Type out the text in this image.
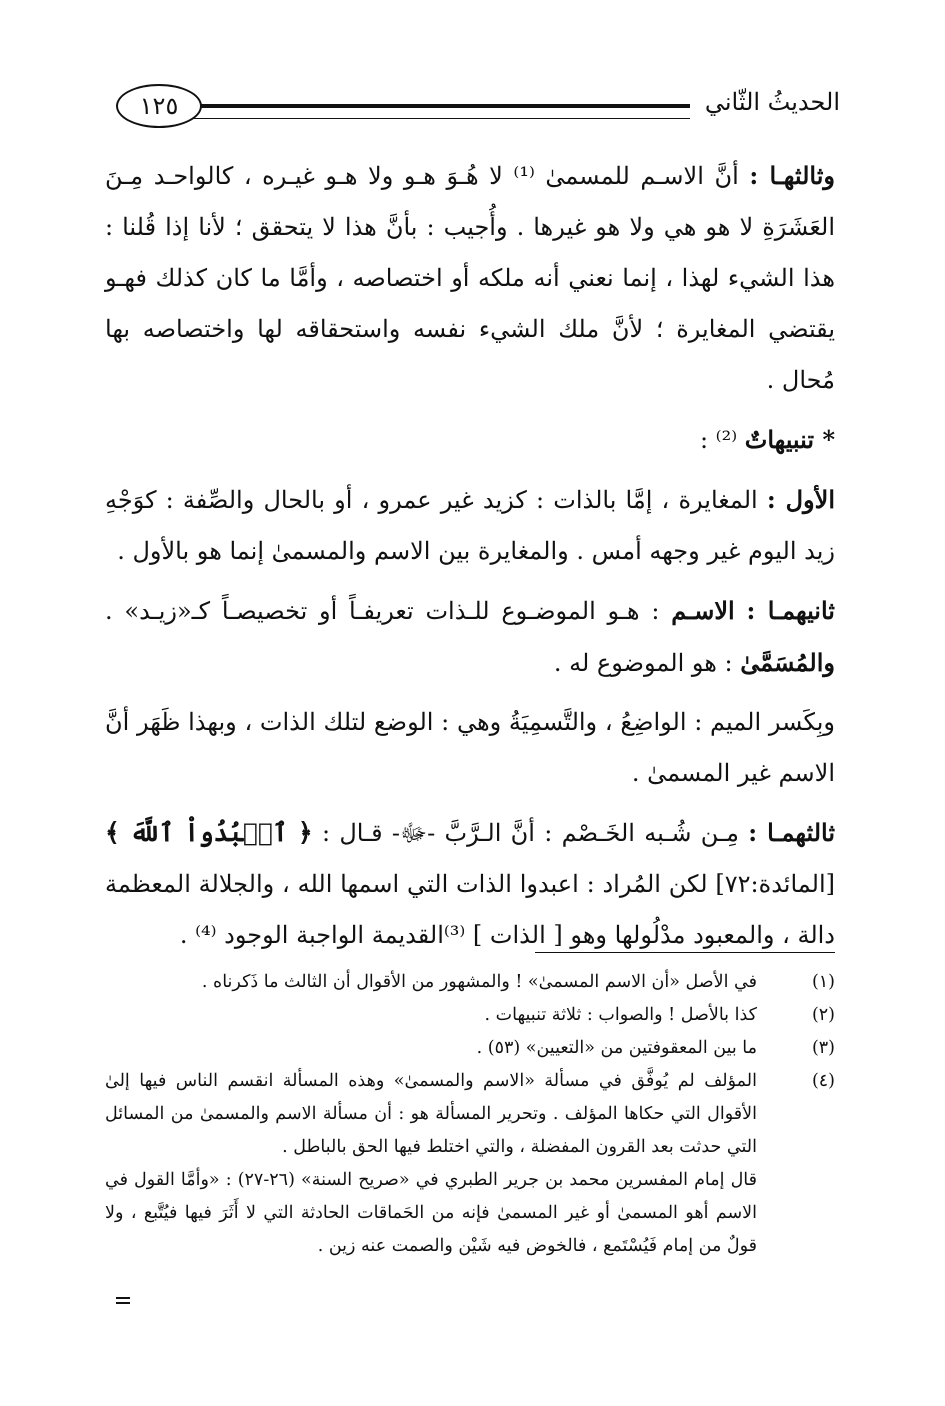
الحديثُ الثّاني
١٢٥

وثالثهـا : أنَّ الاسـم للمسمىٰ ⁽¹⁾ لا هُـوَ هـو ولا هـو غيـره ، كالواحـد مِـنَ العَشَرَةِ لا هو هي ولا هو غيرها . وأُجيب : بأنَّ هذا لا يتحقق ؛ لأنا إذا قُلنا : هذا الشيء لهذا ، إنما نعني أنه ملكه أو اختصاصه ، وأمَّا ما كان كذلك فهـو يقتضي المغايرة ؛ لأنَّ ملك الشيء نفسه واستحقاقه لها واختصاصه بها مُحال .

* تنبيهاتٌ ⁽²⁾ :

الأول : المغايرة ، إمَّا بالذات : كزيد غير عمرو ، أو بالحال والصِّفة : كوَجْهِ زيد اليوم غير وجهه أمس . والمغايرة بين الاسم والمسمىٰ إنما هو بالأول .

ثانيهمـا : الاسـم : هـو الموضـوع للـذات تعريفـاً أو تخصيصـاً كـ«زيـد» . والمُسَمَّىٰ : هو الموضوع له .

وبِكَسر الميم : الواضِعُ ، والتَّسمِيَةُ وهي : الوضع لتلك الذات ، وبهذا ظَهَر أنَّ الاسم غير المسمىٰ .

ثالثهمـا : مِـن شُـبه الخَـصْم : أنَّ الـرَّبَّ -ﷻ- قـال : ﴿ ٱعۡبُدُواْ ٱللَّهَ ﴾ [المائدة:٧٢] لكن المُراد : اعبدوا الذات التي اسمها الله ، والجلالة المعظمة دالة ، والمعبود مدْلُولها وهو [ الذات ] ⁽³⁾القديمة الواجبة الوجود ⁽⁴⁾ .

(١)
في الأصل «أن الاسم المسمىٰ» ! والمشهور من الأقوال أن الثالث ما ذَكرناه .
(٢)
كذا بالأصل ! والصواب : ثلاثة تنبيهات .
(٣)
ما بين المعقوفتين من «التعيين» (٥٣) .
(٤)
المؤلف لم يُوفَّق في مسألة «الاسم والمسمىٰ» وهذه المسألة انقسم الناس فيها إلىٰ الأقوال التي حكاها المؤلف . وتحرير المسألة هو : أن مسألة الاسم والمسمىٰ من المسائل التي حدثت بعد القرون المفضلة ، والتي اختلط فيها الحق بالباطل .
قال إمام المفسرين محمد بن جرير الطبري في «صريح السنة» (٢٦-٢٧) : «وأمَّا القول في الاسم أهو المسمىٰ أو غير المسمىٰ فإنه من الحَماقات الحادثة التي لا أَثَرَ فيها فيُتَّبع ، ولا قولٌ من إمام فَيُسْتَمع ، فالخوض فيه شَيْن والصمت عنه زين .
